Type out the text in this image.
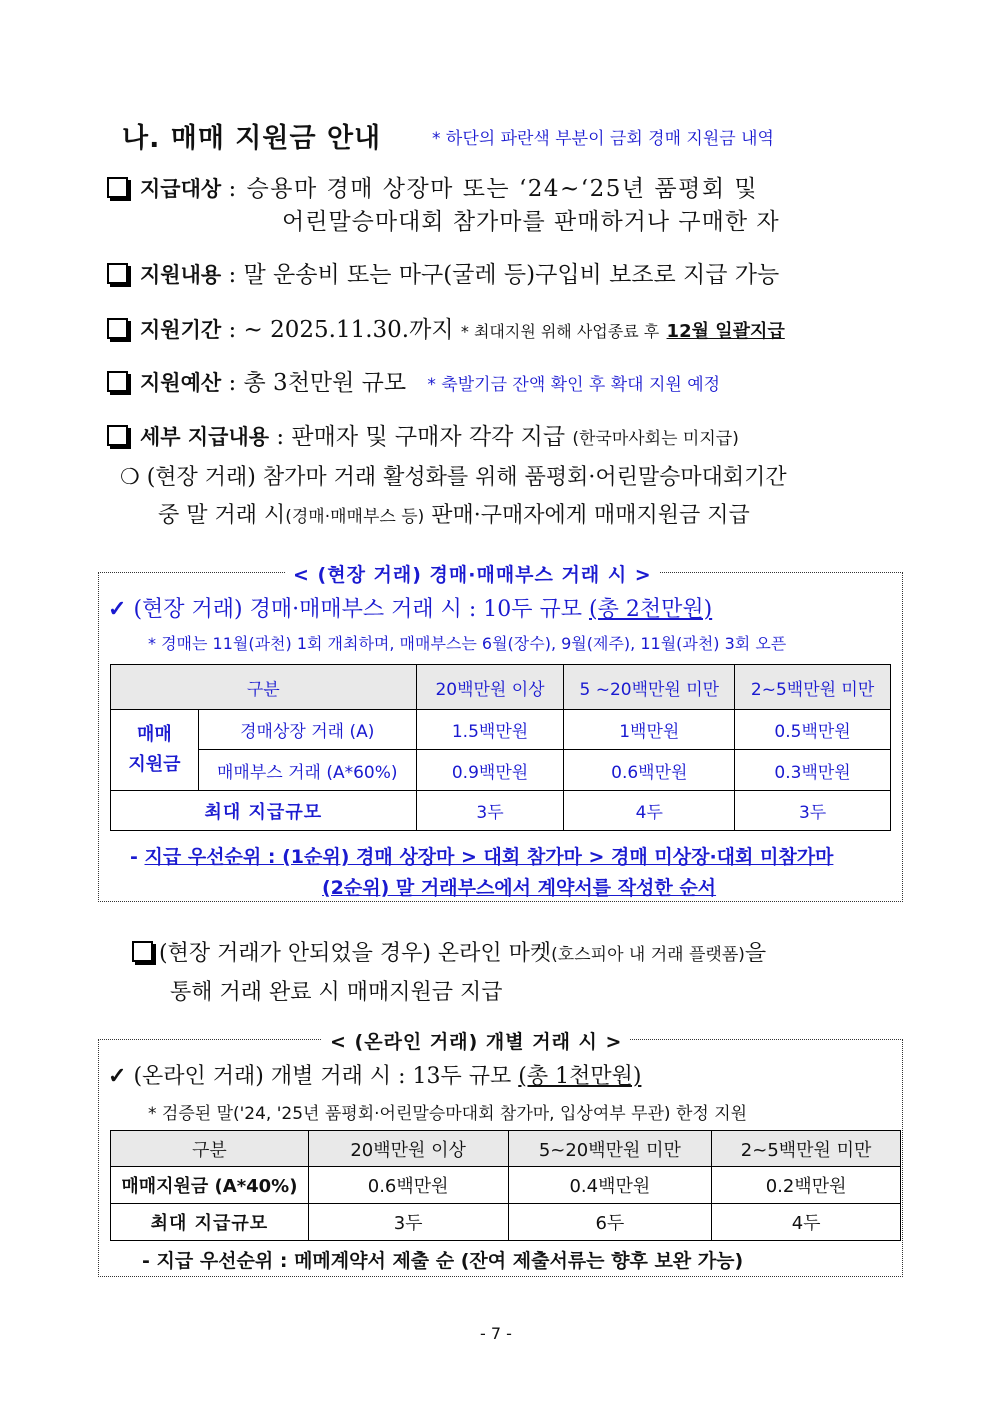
나. 매매 지원금 안내	* 하단의 파란색 부분이 금회 경매 지원금 내역
지급대상 : 승용마 경매 상장마 또는 ‘24~‘25년 품평회 및
어린말승마대회 참가마를 판매하거나 구매한 자
지원내용 : 말 운송비 또는 마구(굴레 등)구입비 보조로 지급 가능
지원기간 : ~ 2025.11.30.까지 * 최대지원 위해 사업종료 후 12월 일괄지급
지원예산 : 총 3천만원 규모 * 축발기금 잔액 확인 후 확대 지원 예정
세부 지급내용 : 판매자 및 구매자 각각 지급 (한국마사회는 미지급)
❍ (현장 거래) 참가마 거래 활성화를 위해 품평회·어린말승마대회기간
중 말 거래 시(경매·매매부스 등) 판매·구매자에게 매매지원금 지급
< (현장 거래) 경매·매매부스 거래 시 >
✓ (현장 거래) 경매·매매부스 거래 시 : 10두 규모 (총 2천만원)
* 경매는 11월(과천) 1회 개최하며, 매매부스는 6월(장수), 9월(제주), 11월(과천) 3회 오픈
구분		20백만원 이상	5 ~20백만원 미만	2~5백만원 미만
매매
지원금	경매상장 거래 (A)	1.5백만원	1백만원	0.5백만원
	매매부스 거래 (A*60%)	0.9백만원	0.6백만원	0.3백만원
최대 지급규모		3두	4두	3두
- 지급 우선순위 : (1순위) 경매 상장마 > 대회 참가마 > 경매 미상장·대회 미참가마
(2순위) 말 거래부스에서 계약서를 작성한 순서
(현장 거래가 안되었을 경우) 온라인 마켓(호스피아 내 거래 플랫폼)을
통해 거래 완료 시 매매지원금 지급
< (온라인 거래) 개별 거래 시 >
✓ (온라인 거래) 개별 거래 시 : 13두 규모 (총 1천만원)
* 검증된 말('24, '25년 품평회·어린말승마대회 참가마, 입상여부 무관) 한정 지원
구분	20백만원 이상	5~20백만원 미만	2~5백만원 미만
매매지원금 (A*40%)	0.6백만원	0.4백만원	0.2백만원
최대 지급규모	3두	6두	4두
- 지급 우선순위 : 메메계약서 제출 순 (잔여 제출서류는 향후 보완 가능)
- 7 -
